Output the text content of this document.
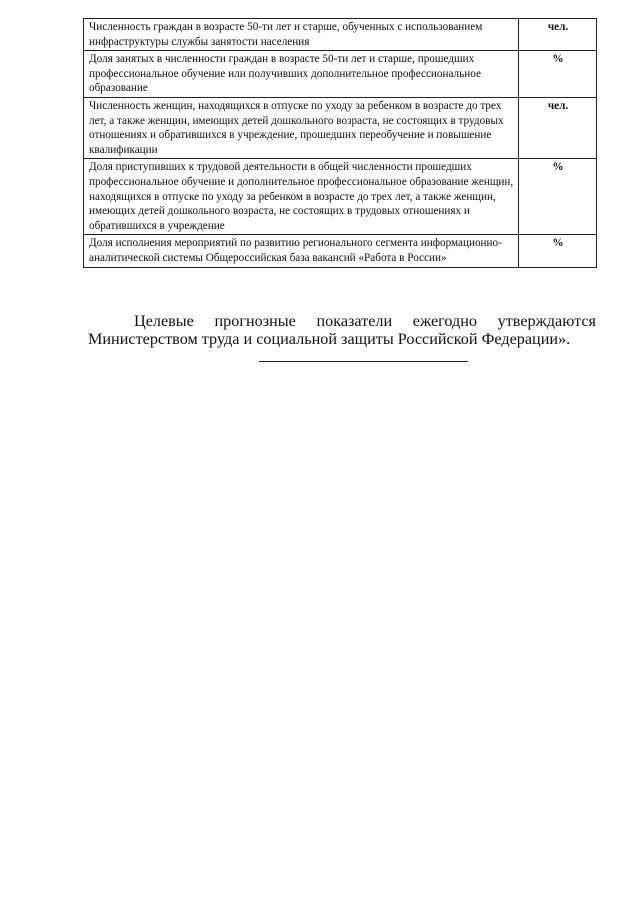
Численность граждан в возрасте 50-ти лет и старше, обученных с использованием инфраструктуры службы занятости населения	чел.
Доля занятых в численности граждан в возрасте 50-ти лет и старше, прошедших профессиональное обучение или получивших дополнительное профессиональное образование	%
Численность женщин, находящихся в отпуске по уходу за ребенком в возрасте до трех лет, а также женщин, имеющих детей дошкольного возраста, не состоящих в трудовых отношениях и обратившихся в учреждение, прошедших переобучение и повышение квалификации	чел.
Доля приступивших к трудовой деятельности в общей численности прошедших профессиональное обучение и дополнительное профессиональное образование женщин, находящихся в отпуске по уходу за ребенком в возрасте до трех лет, а также женщин, имеющих детей дошкольного возраста, не состоящих в трудовых отношениях и обратившихся в учреждение	%
Доля исполнения мероприятий по развитию регионального сегмента информационно-аналитической системы Общероссийская база вакансий «Работа в России»	%

Целевые прогнозные показатели ежегодно утверждаются Министерством труда и социальной защиты Российской Федерации».
